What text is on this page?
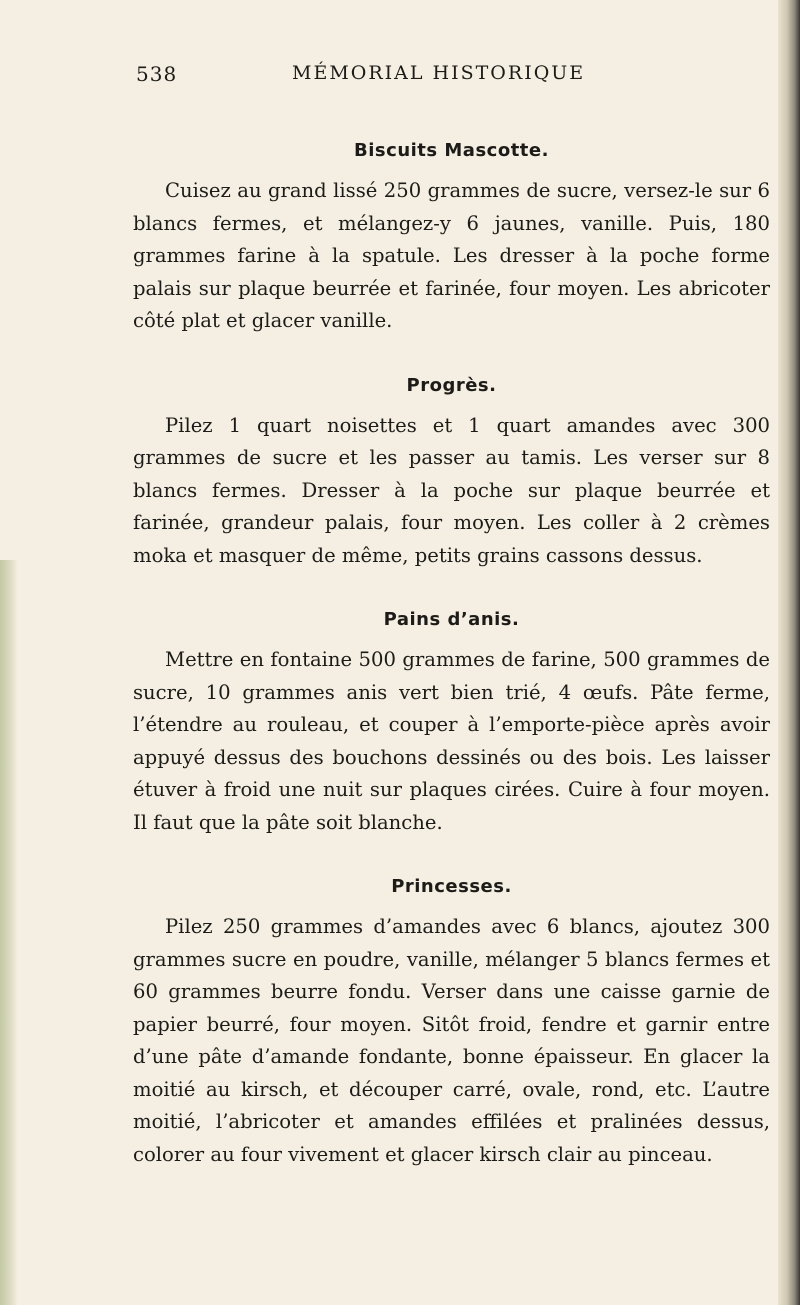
538	MÉMORIAL HISTORIQUE
Biscuits Mascotte.

Cuisez au grand lissé 250 grammes de sucre, versez-le sur 6 blancs fermes, et mélangez-y 6 jaunes, vanille. Puis, 180 grammes farine à la spatule. Les dresser à la poche forme palais sur plaque beurrée et farinée, four moyen. Les abricoter côté plat et glacer vanille.

Progrès.

Pilez 1 quart noisettes et 1 quart amandes avec 300 grammes de sucre et les passer au tamis. Les verser sur 8 blancs fermes. Dresser à la poche sur plaque beurrée et farinée, grandeur palais, four moyen. Les coller à 2 crèmes moka et masquer de même, petits grains cassons dessus.

Pains d’anis.

Mettre en fontaine 500 grammes de farine, 500 grammes de sucre, 10 grammes anis vert bien trié, 4 œufs. Pâte ferme, l’étendre au rouleau, et couper à l’emporte-pièce après avoir appuyé dessus des bouchons dessinés ou des bois. Les laisser étuver à froid une nuit sur plaques cirées. Cuire à four moyen. Il faut que la pâte soit blanche.

Princesses.

Pilez 250 grammes d’amandes avec 6 blancs, ajoutez 300 grammes sucre en poudre, vanille, mélanger 5 blancs fermes et 60 grammes beurre fondu. Verser dans une caisse garnie de papier beurré, four moyen. Sitôt froid, fendre et garnir entre d’une pâte d’amande fondante, bonne épaisseur. En glacer la moitié au kirsch, et découper carré, ovale, rond, etc. L’autre moitié, l’abricoter et amandes effilées et pralinées dessus, colorer au four vivement et glacer kirsch clair au pinceau.
